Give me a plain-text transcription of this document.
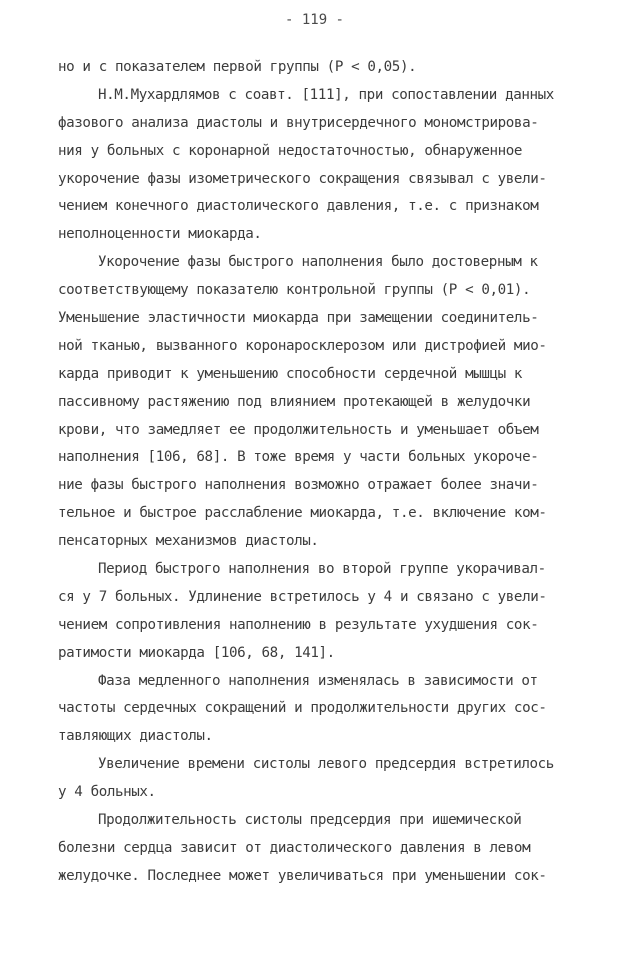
- 119 -
но и с показателем первой группы (P < 0,05).
Н.М.Мухардлямов с соавт. [111], при сопоставлении данных
фазового анализа диастолы и внутрисердечного мономстрирова-
ния у больных с коронарной недостаточностью, обнаруженное
укорочение фазы изометрического сокращения связывал с увели-
чением конечного диастолического давления, т.е. с признаком
неполноценности миокарда.
Укорочение фазы быстрого наполнения было достоверным к
соответствующему показателю контрольной группы (P < 0,01).
Уменьшение эластичности миокарда при замещении соединитель-
ной тканью, вызванного коронаросклерозом или дистрофией мио-
карда приводит к уменьшению способности сердечной мышцы к
пассивному растяжению под влиянием протекающей в желудочки
крови, что замедляет ее продолжительность и уменьшает объем
наполнения [106, 68]. В тоже время у части больных укороче-
ние фазы быстрого наполнения возможно отражает более значи-
тельное и быстрое расслабление миокарда, т.е. включение ком-
пенсаторных механизмов диастолы.
Период быстрого наполнения во второй группе укорачивал-
ся у 7 больных. Удлинение встретилось у 4 и связано с увели-
чением сопротивления наполнению в результате ухудшения сок-
ратимости миокарда [106, 68, 141].
Фаза медленного наполнения изменялась в зависимости от
частоты сердечных сокращений и продолжительности других сос-
тавляющих диастолы.
Увеличение времени систолы левого предсердия встретилось
у 4 больных.
Продолжительность систолы предсердия при ишемической
болезни сердца зависит от диастолического давления в левом
желудочке. Последнее может увеличиваться при уменьшении сок-
